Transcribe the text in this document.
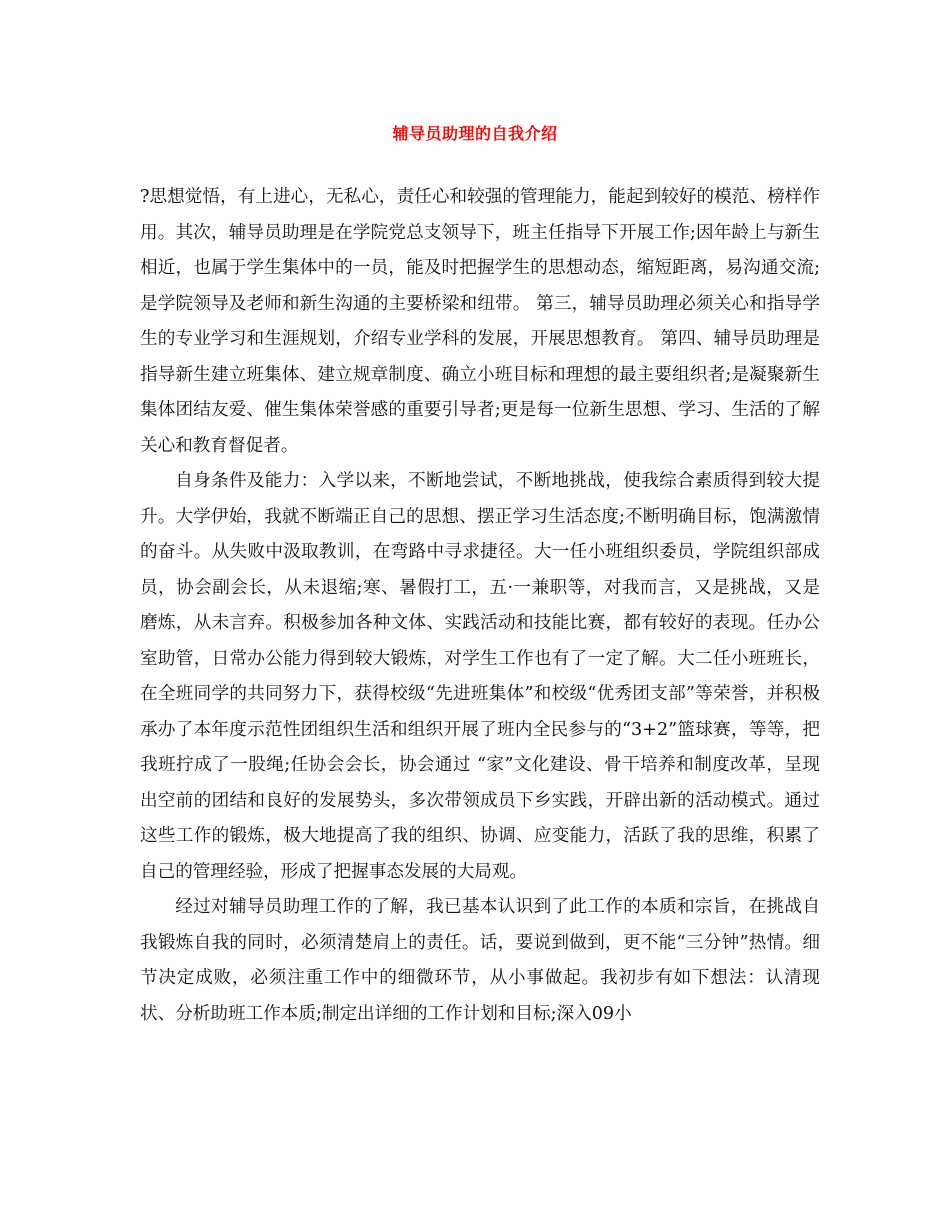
辅导员助理的自我介绍

?思想觉悟，有上进心，无私心，责任心和较强的管理能力，能起到较好的模范、榜样作用。其次，辅导员助理是在学院党总支领导下，班主任指导下开展工作;因年龄上与新生相近，也属于学生集体中的一员，能及时把握学生的思想动态，缩短距离，易沟通交流;是学院领导及老师和新生沟通的主要桥梁和纽带。 第三，辅导员助理必须关心和指导学生的专业学习和生涯规划，介绍专业学科的发展，开展思想教育。 第四、辅导员助理是指导新生建立班集体、建立规章制度、确立小班目标和理想的最主要组织者;是凝聚新生集体团结友爱、催生集体荣誉感的重要引导者;更是每一位新生思想、学习、生活的了解关心和教育督促者。

自身条件及能力：入学以来，不断地尝试，不断地挑战，使我综合素质得到较大提升。大学伊始，我就不断端正自己的思想、摆正学习生活态度;不断明确目标，饱满激情的奋斗。从失败中汲取教训，在弯路中寻求捷径。大一任小班组织委员，学院组织部成员，协会副会长，从未退缩;寒、暑假打工，五·一兼职等，对我而言，又是挑战，又是磨炼，从未言弃。积极参加各种文体、实践活动和技能比赛，都有较好的表现。任办公室助管，日常办公能力得到较大锻炼，对学生工作也有了一定了解。大二任小班班长，在全班同学的共同努力下，获得校级“先进班集体”和校级“优秀团支部”等荣誉，并积极承办了本年度示范性团组织生活和组织开展了班内全民参与的“3+2”篮球赛，等等，把我班拧成了一股绳;任协会会长，协会通过 “家”文化建设、骨干培养和制度改革，呈现出空前的团结和良好的发展势头，多次带领成员下乡实践，开辟出新的活动模式。通过这些工作的锻炼，极大地提高了我的组织、协调、应变能力，活跃了我的思维，积累了自己的管理经验，形成了把握事态发展的大局观。

经过对辅导员助理工作的了解，我已基本认识到了此工作的本质和宗旨，在挑战自我锻炼自我的同时，必须清楚肩上的责任。话，要说到做到，更不能“三分钟”热情。细节决定成败，必须注重工作中的细微环节，从小事做起。我初步有如下想法：认清现状、分析助班工作本质;制定出详细的工作计划和目标;深入09小
